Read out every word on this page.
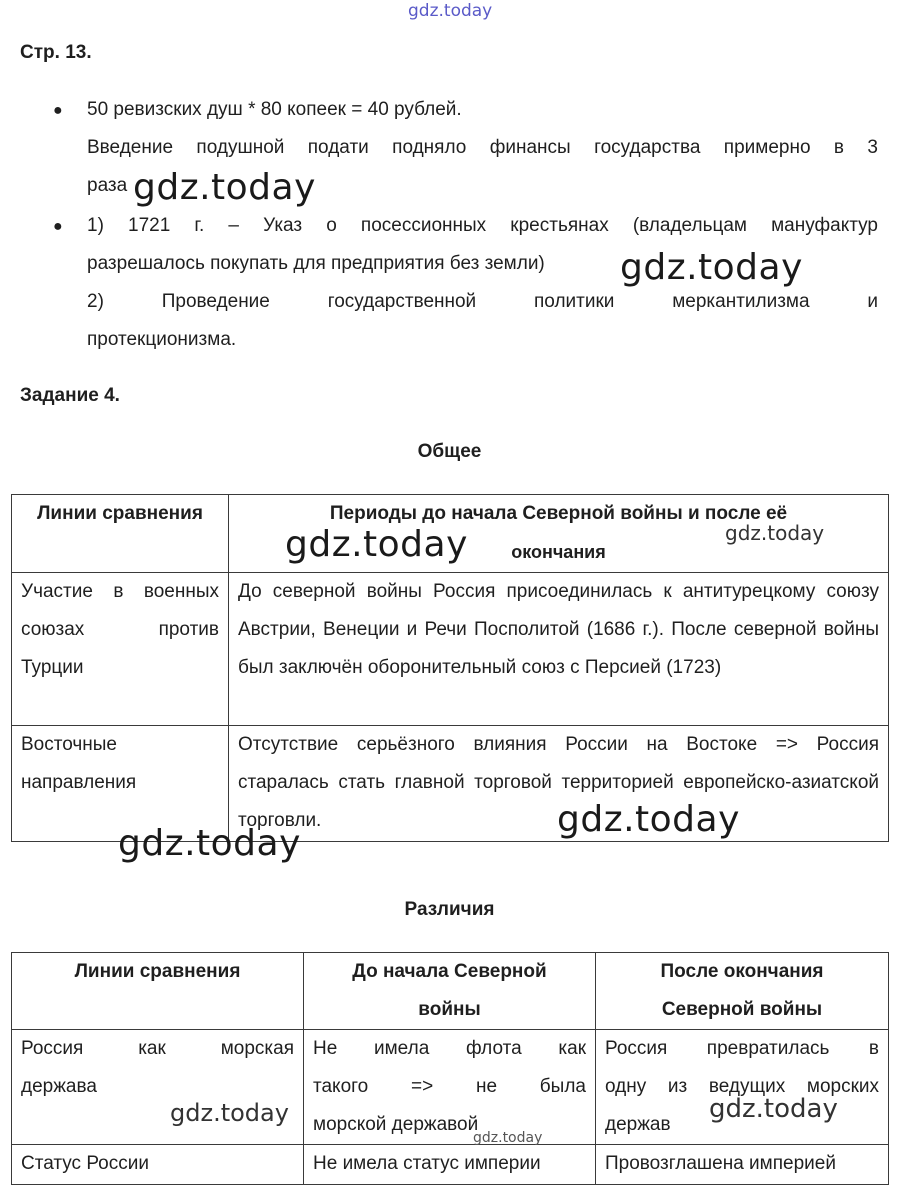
gdz.today
Стр. 13.
● 50 ревизских душ * 80 копеек = 40 рублей.
Введение подушной подати подняло финансы государства примерно в 3
раза gdz.today
● 1) 1721 г. – Указ о посессионных крестьянах (владельцам мануфактур
разрешалось покупать для предприятия без земли) gdz.today
2) Проведение государственной политики меркантилизма и
протекционизма.
Задание 4.
Общее
Линии сравнения	Периоды до начала Северной войны и после её
окончания

Участие в военных
союзах против
Турции	До северной войны Россия присоединилась к антитурецкому союзу Австрии, Венеции и Речи Посполитой (1686 г.). После северной войны был заключён оборонительный союз с Персией (1723)

Восточные
направления	Отсутствие серьёзного влияния России на Востоке => Россия старалась стать главной торговой территорией европейско-азиатской торговли.
gdz.today	gdz.today
gdz.today
gdz.today
Различия
Линии сравнения	До начала Северной
войны	После окончания
Северной войны

Россия как морская
держава	Не имела флота как
такого => не была
морской державой	Россия превратилась в
одну из ведущих морских
держав

Статус России	Не имела статус империи	Провозглашена империей
gdz.today	gdz.today
gdz.today
